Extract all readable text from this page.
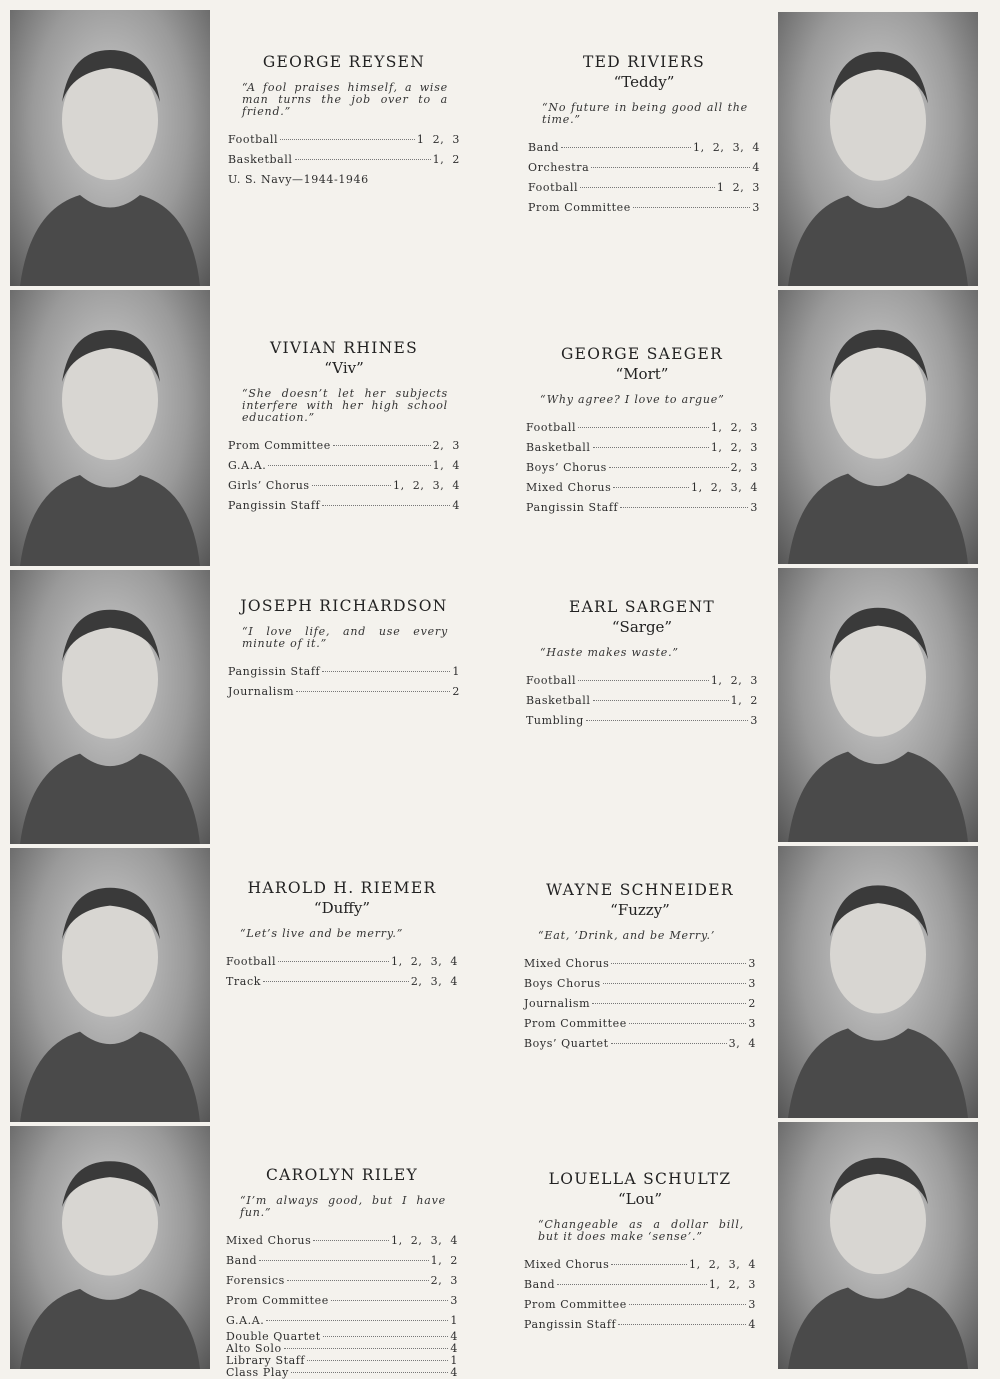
GEORGE REYSEN

“A fool praises himself, a wise man turns the job over to a friend.”

Football	1 2, 3
Basketball	1, 2
U. S. Navy—1944-1946

VIVIAN RHINES

“Viv”

“She doesn’t let her subjects interfere with her high school education.”

Prom Committee	2, 3
G.A.A.	1, 4
Girls’ Chorus	1, 2, 3, 4
Pangissin Staff	4

JOSEPH RICHARDSON

“I love life, and use every minute of it.”

Pangissin Staff	1
Journalism	2

HAROLD H. RIEMER

“Duffy”

“Let’s live and be merry.”

Football	1, 2, 3, 4
Track	2, 3, 4

CAROLYN RILEY

“I’m always good, but I have fun.”

Mixed Chorus	1, 2, 3, 4
Band	1, 2
Forensics	2, 3
Prom Committee	3
G.A.A.	1
Double Quartet	4
Alto Solo	4
Library Staff	1
Class Play	4

TED RIVIERS

“Teddy”

“No future in being good all the time.”

Band	1, 2, 3, 4
Orchestra	4
Football	1 2, 3
Prom Committee	3

GEORGE SAEGER

“Mort”

“Why agree? I love to argue”

Football	1, 2, 3
Basketball	1, 2, 3
Boys’ Chorus	2, 3
Mixed Chorus	1, 2, 3, 4
Pangissin Staff	3

EARL SARGENT

“Sarge”

“Haste makes waste.”

Football	1, 2, 3
Basketball	1, 2
Tumbling	3

WAYNE SCHNEIDER

“Fuzzy”

“Eat, ’Drink, and be Merry.’

Mixed Chorus	3
Boys Chorus	3
Journalism	2
Prom Committee	3
Boys’ Quartet	3, 4

LOUELLA SCHULTZ

“Lou”

“Changeable as a dollar bill, but it does make ‘sense’.”

Mixed Chorus	1, 2, 3, 4
Band	1, 2, 3
Prom Committee	3
Pangissin Staff	4
